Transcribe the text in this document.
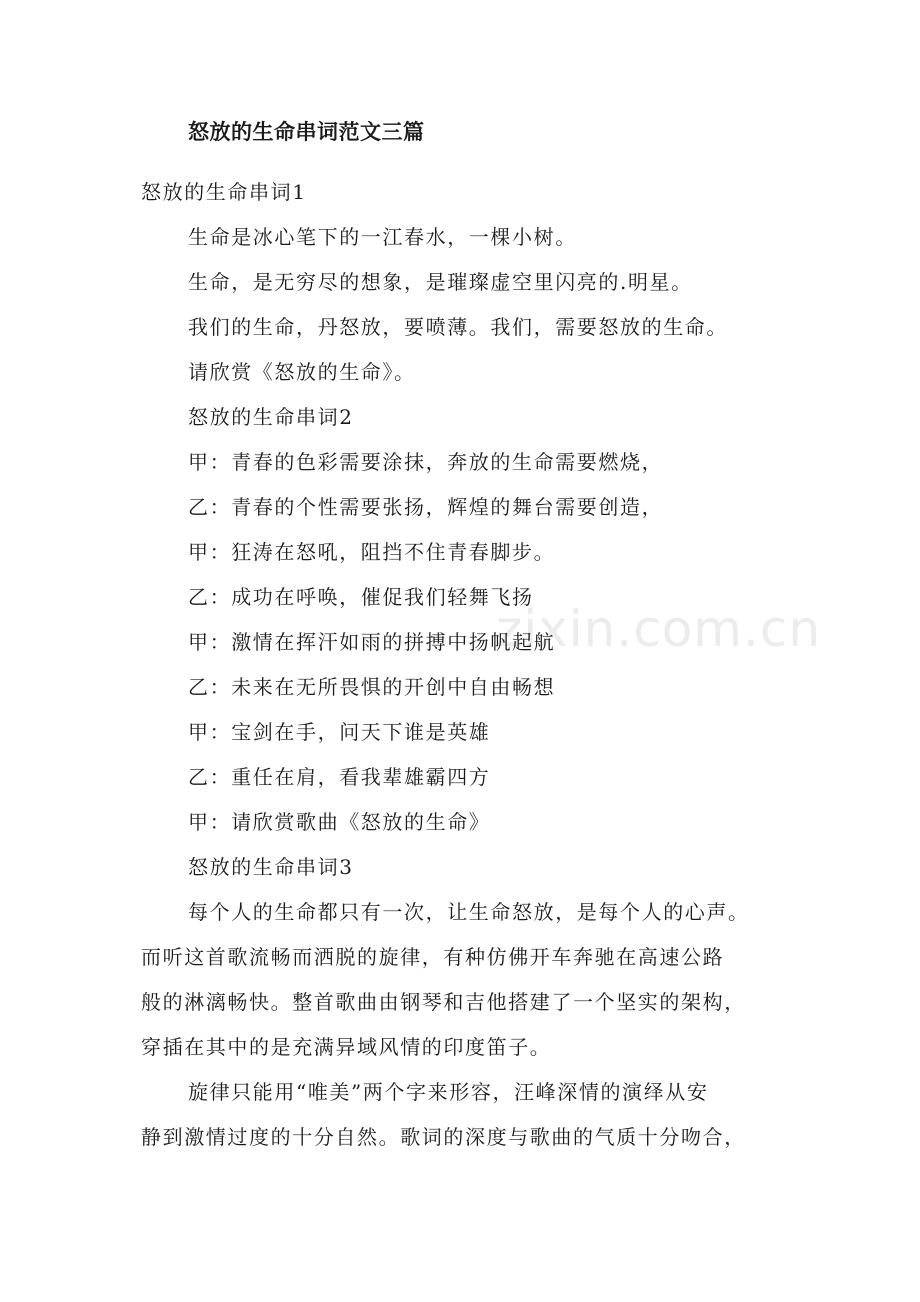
zixin.com.cn
怒放的生命串词范文三篇
怒放的生命串词1
生命是冰心笔下的一江春水，一棵小树。
生命，是无穷尽的想象，是璀璨虚空里闪亮的.明星。
我们的生命，丹怒放，要喷薄。我们，需要怒放的生命。
请欣赏《怒放的生命》。
怒放的生命串词2
甲：青春的色彩需要涂抹，奔放的生命需要燃烧，
乙：青春的个性需要张扬，辉煌的舞台需要创造，
甲：狂涛在怒吼，阻挡不住青春脚步。
乙：成功在呼唤，催促我们轻舞飞扬
甲：激情在挥汗如雨的拼搏中扬帆起航
乙：未来在无所畏惧的开创中自由畅想
甲：宝剑在手，问天下谁是英雄
乙：重任在肩，看我辈雄霸四方
甲：请欣赏歌曲《怒放的生命》
怒放的生命串词3
每个人的生命都只有一次，让生命怒放，是每个人的心声。
而听这首歌流畅而洒脱的旋律，有种仿佛开车奔驰在高速公路
般的淋漓畅快。整首歌曲由钢琴和吉他搭建了一个坚实的架构，
穿插在其中的是充满异域风情的印度笛子。
旋律只能用“唯美”两个字来形容，汪峰深情的演绎从安
静到激情过度的十分自然。歌词的深度与歌曲的气质十分吻合，
